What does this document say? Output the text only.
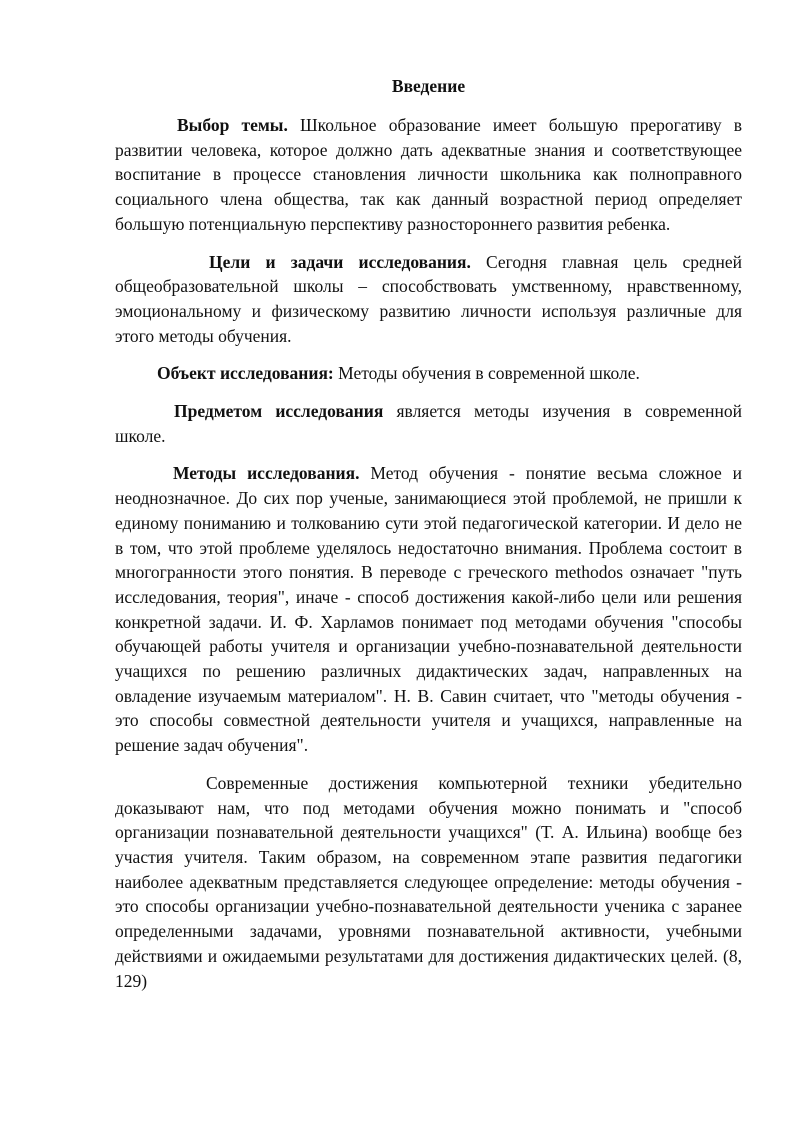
Введение

Выбор темы. Школьное образование имеет большую прерогативу в развитии человека, которое должно дать адекватные знания и соответствующее воспитание в процессе становления личности школьника как полноправного социального члена общества, так как данный возрастной период определяет большую потенциальную перспективу разностороннего развития ребенка.

Цели и задачи исследования. Сегодня главная цель средней общеобразовательной школы – способствовать умственному, нравственному, эмоциональному и физическому развитию личности используя различные для этого методы обучения.

Объект исследования: Методы обучения в современной школе.

Предметом исследования является методы изучения в современной школе.

Методы исследования. Метод обучения - понятие весьма сложное и неоднозначное. До сих пор ученые, занимающиеся этой проблемой, не пришли к единому пониманию и толкованию сути этой педагогической категории. И дело не в том, что этой проблеме уделялось недостаточно внимания. Проблема состоит в многогранности этого понятия. В переводе с греческого methodos означает "путь исследования, теория", иначе - способ достижения какой-либо цели или решения конкретной задачи. И. Ф. Харламов понимает под методами обучения "способы обучающей работы учителя и организации учебно-познавательной деятельности учащихся по решению различных дидактических задач, направленных на овладение изучаемым материалом". Н. В. Савин считает, что "методы обучения - это способы совместной деятельности учителя и учащихся, направленные на решение задач обучения".

Современные достижения компьютерной техники убедительно доказывают нам, что под методами обучения можно понимать и "способ организации познавательной деятельности учащихся" (Т. А. Ильина) вообще без участия учителя. Таким образом, на современном этапе развития педагогики наиболее адекватным представляется следующее определение: методы обучения - это способы организации учебно-познавательной деятельности ученика с заранее определенными задачами, уровнями познавательной активности, учебными действиями и ожидаемыми результатами для достижения дидактических целей. (8, 129)
